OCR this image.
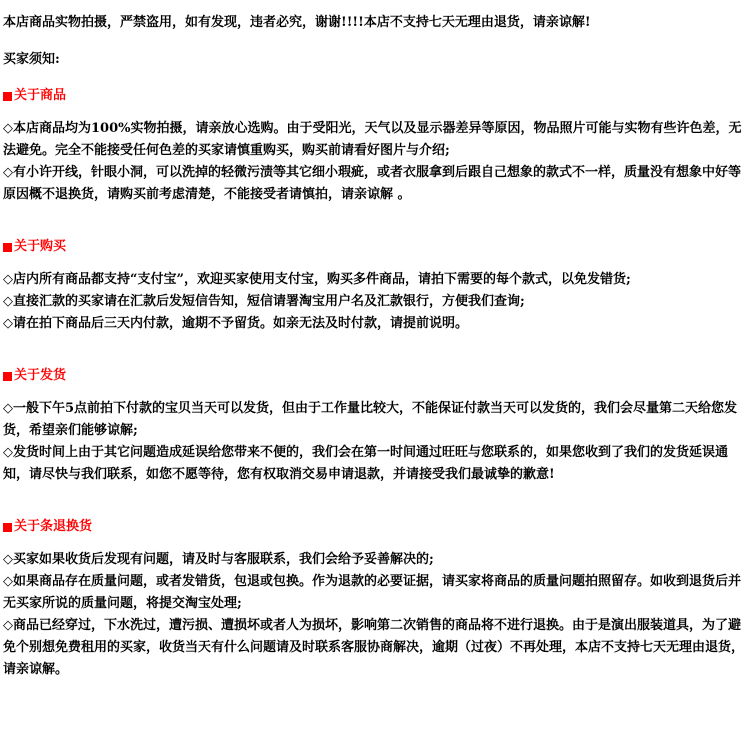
本店商品实物拍摄，严禁盗用，如有发现，违者必究，谢谢!!!!本店不支持七天无理由退货，请亲谅解!

买家须知:
关于商品

◇本店商品均为100%实物拍摄，请亲放心选购。由于受阳光，天气以及显示器差异等原因，物品照片可能与实物有些许色差，无法避免。完全不能接受任何色差的买家请慎重购买，购买前请看好图片与介绍;

◇有小许开线，针眼小洞，可以洗掉的轻微污渍等其它细小瑕疵，或者衣服拿到后跟自己想象的款式不一样，质量没有想象中好等原因概不退换货，请购买前考虑清楚，不能接受者请慎拍，请亲谅解 。

关于购买

◇店内所有商品都支持“支付宝”，欢迎买家使用支付宝，购买多件商品，请拍下需要的每个款式，以免发错货;

◇直接汇款的买家请在汇款后发短信告知，短信请署淘宝用户名及汇款银行，方便我们查询;

◇请在拍下商品后三天内付款，逾期不予留货。如亲无法及时付款，请提前说明。

关于发货

◇一般下午5点前拍下付款的宝贝当天可以发货，但由于工作量比较大，不能保证付款当天可以发货的，我们会尽量第二天给您发货，希望亲们能够谅解;

◇发货时间上由于其它问题造成延误给您带来不便的，我们会在第一时间通过旺旺与您联系的，如果您收到了我们的发货延误通知，请尽快与我们联系，如您不愿等待，您有权取消交易申请退款，并请接受我们最诚挚的歉意!

关于条退换货

◇买家如果收货后发现有问题，请及时与客服联系，我们会给予妥善解决的;

◇如果商品存在质量问题，或者发错货，包退或包换。作为退款的必要证据，请买家将商品的质量问题拍照留存。如收到退货后并无买家所说的质量问题，将提交淘宝处理;

◇商品已经穿过，下水洗过，遭污损、遭损坏或者人为损坏，影响第二次销售的商品将不进行退换。由于是演出服装道具，为了避免个别想免费租用的买家，收货当天有什么问题请及时联系客服协商解决，逾期（过夜）不再处理，本店不支持七天无理由退货，请亲谅解。
